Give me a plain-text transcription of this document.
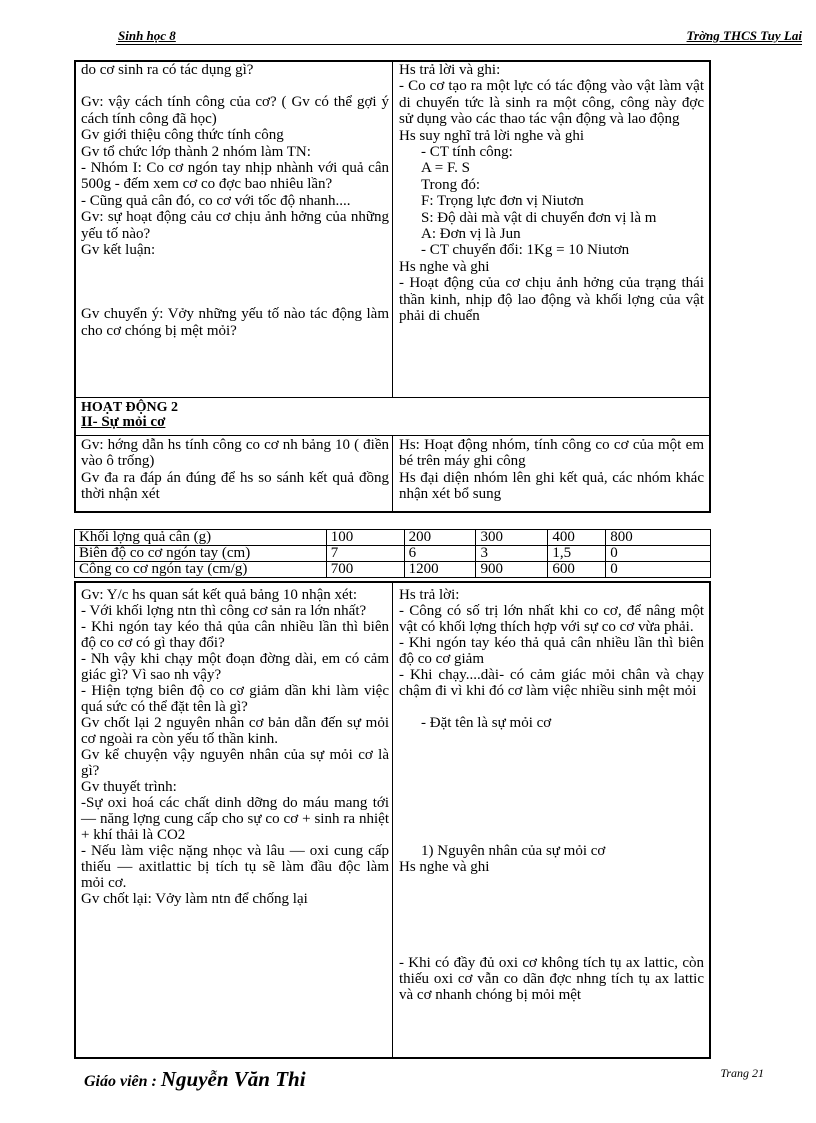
Sinh học 8	Trờng THCS Tuy Lai

do cơ sinh ra có tác dụng gì?

Gv: vậy cách tính công của cơ? ( Gv có thể gợi ý cách tính công đã học)

Gv giới thiệu công thức tính công

Gv tổ chức lớp thành 2 nhóm làm TN:

- Nhóm I: Co cơ ngón tay nhịp nhành với quả cân 500g - đếm xem cơ co đợc bao nhiêu lần?

- Cũng quả cân đó, co cơ với tốc độ nhanh....

Gv: sự hoạt động cảu cơ chịu ảnh hởng của những yếu tố nào?

Gv kết luận:

Gv chuyển ý: Vởy những yếu tố nào tác động làm cho cơ chóng bị mệt mỏi?

Hs trả lời và ghi:

- Co cơ tạo ra một lực có tác động vào vật làm vật di chuyển tức là sinh ra một công, công này đợc sử dụng vào các thao tác vận động và lao động

Hs suy nghĩ trả lời nghe và ghi

- CT tính công:

A = F. S

Trong đó:

F: Trọng lực đơn vị Niutơn

S: Độ dài mà vật di chuyển đơn vị là m

A: Đơn vị là Jun

- CT chuyển đổi: 1Kg = 10 Niutơn

Hs nghe và ghi

- Hoạt động của cơ chịu ảnh hởng của trạng thái thần kinh, nhịp độ lao động và khối lợng của vật phải di chuển

HOẠT ĐỘNG 2

II- Sự mỏi cơ

Gv: hớng dẫn hs tính công co cơ nh bảng 10 ( điền vào ô trống)

Gv đa ra đáp án đúng để hs so sánh kết quả đồng thời nhận xét

Hs: Hoạt động nhóm, tính công co cơ của một em bé trên máy ghi công

Hs đại diện nhóm lên ghi kết quả, các nhóm khác nhận xét bổ sung

Khối lợng quả cân (g)	100	200	300	400	800
Biên độ co cơ ngón tay (cm)	7	6	3	1,5	0
Công co cơ ngón tay (cm/g)	700	1200	900	600	0

Gv: Y/c hs quan sát kết quả bảng 10 nhận xét:

- Với khối lợng ntn thì công cơ sản ra lớn nhất?

- Khi ngón tay kéo thả qủa cân nhiều lần thì biên độ co cơ có gì thay đổi?

- Nh vậy khi chạy một đoạn đờng dài, em có cảm giác gì? Vì sao nh vậy?

- Hiện tợng biên độ co cơ giảm dần khi làm việc quá sức có thể đặt tên là gì?

Gv chốt lại 2 nguyên nhân cơ bản dẫn đến sự mỏi cơ ngoài ra còn yếu tố thần kinh.

Gv kể chuyện vậy nguyên nhân của sự mỏi cơ là gì?

Gv thuyết trình:

-Sự oxi hoá các chất dinh dỡng do máu mang tới — năng lợng cung cấp cho sự co cơ + sinh ra nhiệt + khí thải là CO2

- Nếu làm việc nặng nhọc và lâu — oxi cung cấp thiếu — axitlattic bị tích tụ sẽ làm đầu độc làm mỏi cơ.

Gv chốt lại: Vởy làm ntn để chống lại

Hs trả lời:

- Công có số trị lớn nhất khi co cơ, để nâng một vật có khối lợng thích hợp với sự co cơ vừa phải.

- Khi ngón tay kéo thả quả cân nhiều lần thì biên độ co cơ giảm

- Khi chạy....dài- có cảm giác mỏi chân và chạy chậm đi vì khi đó cơ làm việc nhiều sinh mệt mỏi

- Đặt tên là sự mỏi cơ

1) Nguyên nhân của sự mỏi cơ

Hs nghe và ghi

- Khi có đầy đủ oxi cơ không tích tụ ax lattic, còn thiếu oxi cơ vẫn co dãn đợc nhng tích tụ ax lattic và cơ nhanh chóng bị mỏi mệt

Giáo viên : Nguyễn Văn Thi	Trang 21
